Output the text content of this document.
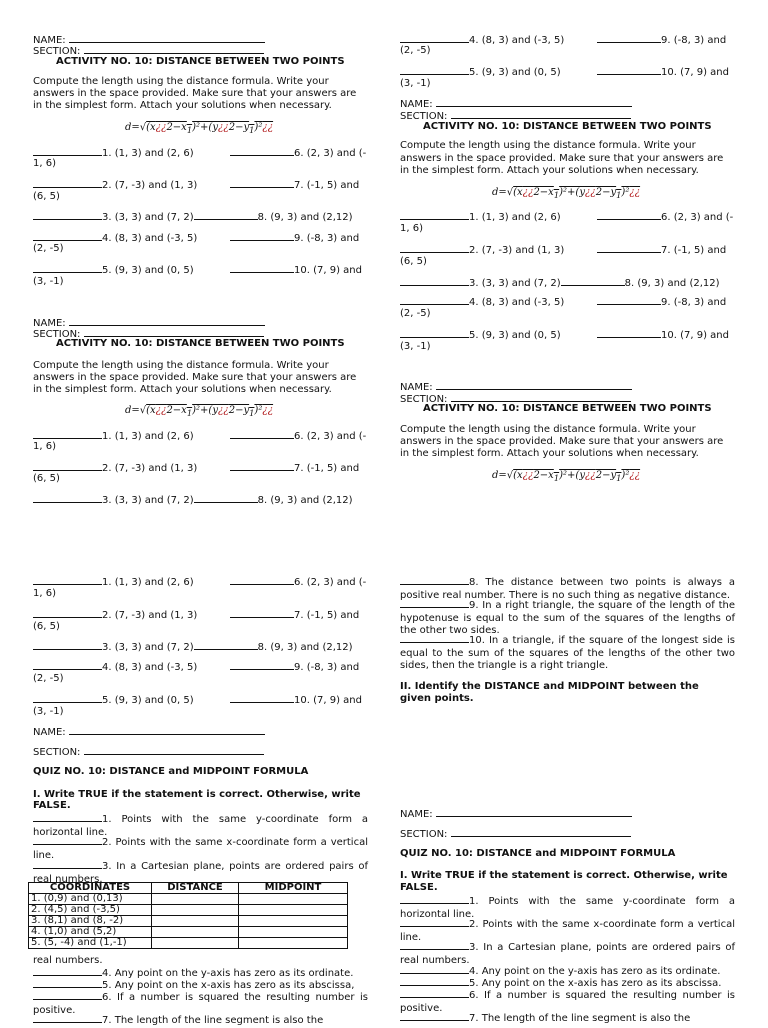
NAME:
SECTION:
ACTIVITY NO. 10: DISTANCE BETWEEN TWO POINTS
Compute the length using the distance formula. Write your
answers in the space provided. Make sure that your answers are
in the simplest form. Attach your solutions when necessary.
$d=√(x¿¿2-x_1)^2+(y¿¿2-y_1)^2¿¿$
1. (1, 3) and (2, 6)	6. (2, 3) and (-
1, 6)
2. (7, -3) and (1, 3)	7. (-1, 5) and
(6, 5)
3. (3, 3) and (7, 2)	8. (9, 3) and (2,12)
4. (8, 3) and (-3, 5)	9. (-8, 3) and
(2, -5)
5. (9, 3) and (0, 5)	10. (7, 9) and
(3, -1)
NAME:
SECTION:
ACTIVITY NO. 10: DISTANCE BETWEEN TWO POINTS
Compute the length using the distance formula. Write your
answers in the space provided. Make sure that your answers are
in the simplest form. Attach your solutions when necessary.
$d=√(x¿¿2-x_1)^2+(y¿¿2-y_1)^2¿¿$
1. (1, 3) and (2, 6)	6. (2, 3) and (-
1, 6)
2. (7, -3) and (1, 3)	7. (-1, 5) and
(6, 5)
3. (3, 3) and (7, 2)	8. (9, 3) and (2,12)
1. (1, 3) and (2, 6)	6. (2, 3) and (-
1, 6)
2. (7, -3) and (1, 3)	7. (-1, 5) and
(6, 5)
3. (3, 3) and (7, 2)	8. (9, 3) and (2,12)
4. (8, 3) and (-3, 5)	9. (-8, 3) and
(2, -5)
5. (9, 3) and (0, 5)	10. (7, 9) and
(3, -1)
NAME:
SECTION:
QUIZ NO. 10: DISTANCE and MIDPOINT FORMULA
I. Write TRUE if the statement is correct. Otherwise, write
FALSE.
1. Points with the same y-coordinate form a horizontal line.
2. Points with the same x-coordinate form a vertical line.
3. In a Cartesian plane, points are ordered pairs of real numbers.
COORDINATES	DISTANCE	MIDPOINT
1. (0,9) and (0,13)		
2. (4,5) and (-3,5)		
3. (8,1) and (8, -2)		
4. (1,0) and (5,2)		
5. (5, -4) and (1,-1)		
real numbers.
4. Any point on the y-axis has zero as its ordinate.
5. Any point on the x-axis has zero as its abscissa,
6. If a number is squared the resulting number is positive.
7. The length of the line segment is also the
4. (8, 3) and (-3, 5)	9. (-8, 3) and
(2, -5)
5. (9, 3) and (0, 5)	10. (7, 9) and
(3, -1)
NAME:
SECTION:
ACTIVITY NO. 10: DISTANCE BETWEEN TWO POINTS
Compute the length using the distance formula. Write your
answers in the space provided. Make sure that your answers are
in the simplest form. Attach your solutions when necessary.
$d=√(x¿¿2-x_1)^2+(y¿¿2-y_1)^2¿¿$
1. (1, 3) and (2, 6)	6. (2, 3) and (-
1, 6)
2. (7, -3) and (1, 3)	7. (-1, 5) and
(6, 5)
3. (3, 3) and (7, 2)	8. (9, 3) and (2,12)
4. (8, 3) and (-3, 5)	9. (-8, 3) and
(2, -5)
5. (9, 3) and (0, 5)	10. (7, 9) and
(3, -1)
NAME:
SECTION:
ACTIVITY NO. 10: DISTANCE BETWEEN TWO POINTS
Compute the length using the distance formula. Write your
answers in the space provided. Make sure that your answers are
in the simplest form. Attach your solutions when necessary.
$d=√(x¿¿2-x_1)^2+(y¿¿2-y_1)^2¿¿$
8. The distance between two points is always a positive real number. There is no such thing as negative distance.
9. In a right triangle, the square of the length of the hypotenuse is equal to the sum of the squares of the lengths of the other two sides.
10. In a triangle, if the square of the longest side is equal to the sum of the squares of the lengths of the other two sides, then the triangle is a right triangle.
II. Identify the DISTANCE and MIDPOINT between the
given points.
NAME:
SECTION:
QUIZ NO. 10: DISTANCE and MIDPOINT FORMULA
I. Write TRUE if the statement is correct. Otherwise, write
FALSE.
1. Points with the same y-coordinate form a horizontal line.
2. Points with the same x-coordinate form a vertical line.
3. In a Cartesian plane, points are ordered pairs of real numbers.
4. Any point on the y-axis has zero as its ordinate.
5. Any point on the x-axis has zero as its abscissa.
6. If a number is squared the resulting number is positive.
7. The length of the line segment is also the
